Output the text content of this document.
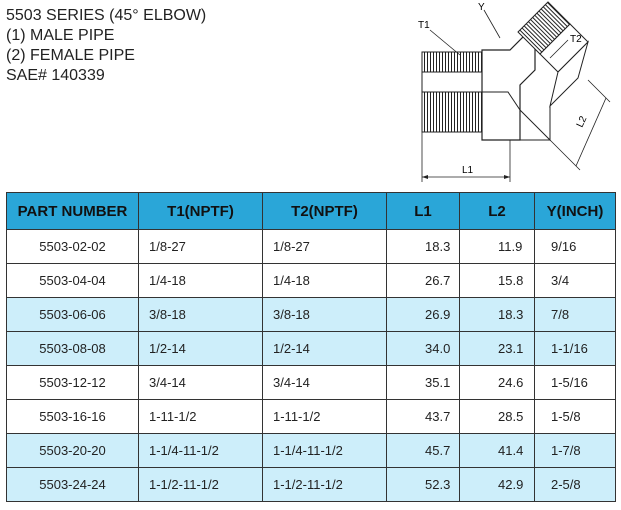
5503 SERIES (45° ELBOW)
(1) MALE PIPE
(2) FEMALE PIPE
SAE# 140339
T1
Y
T2
L1
L2
PART NUMBER	T1(NPTF)	T2(NPTF)	L1	L2	Y(INCH)
5503-02-02	1/8-27	1/8-27	18.3	11.9	9/16
5503-04-04	1/4-18	1/4-18	26.7	15.8	3/4
5503-06-06	3/8-18	3/8-18	26.9	18.3	7/8
5503-08-08	1/2-14	1/2-14	34.0	23.1	1-1/16
5503-12-12	3/4-14	3/4-14	35.1	24.6	1-5/16
5503-16-16	1-11-1/2	1-11-1/2	43.7	28.5	1-5/8
5503-20-20	1-1/4-11-1/2	1-1/4-11-1/2	45.7	41.4	1-7/8
5503-24-24	1-1/2-11-1/2	1-1/2-11-1/2	52.3	42.9	2-5/8
